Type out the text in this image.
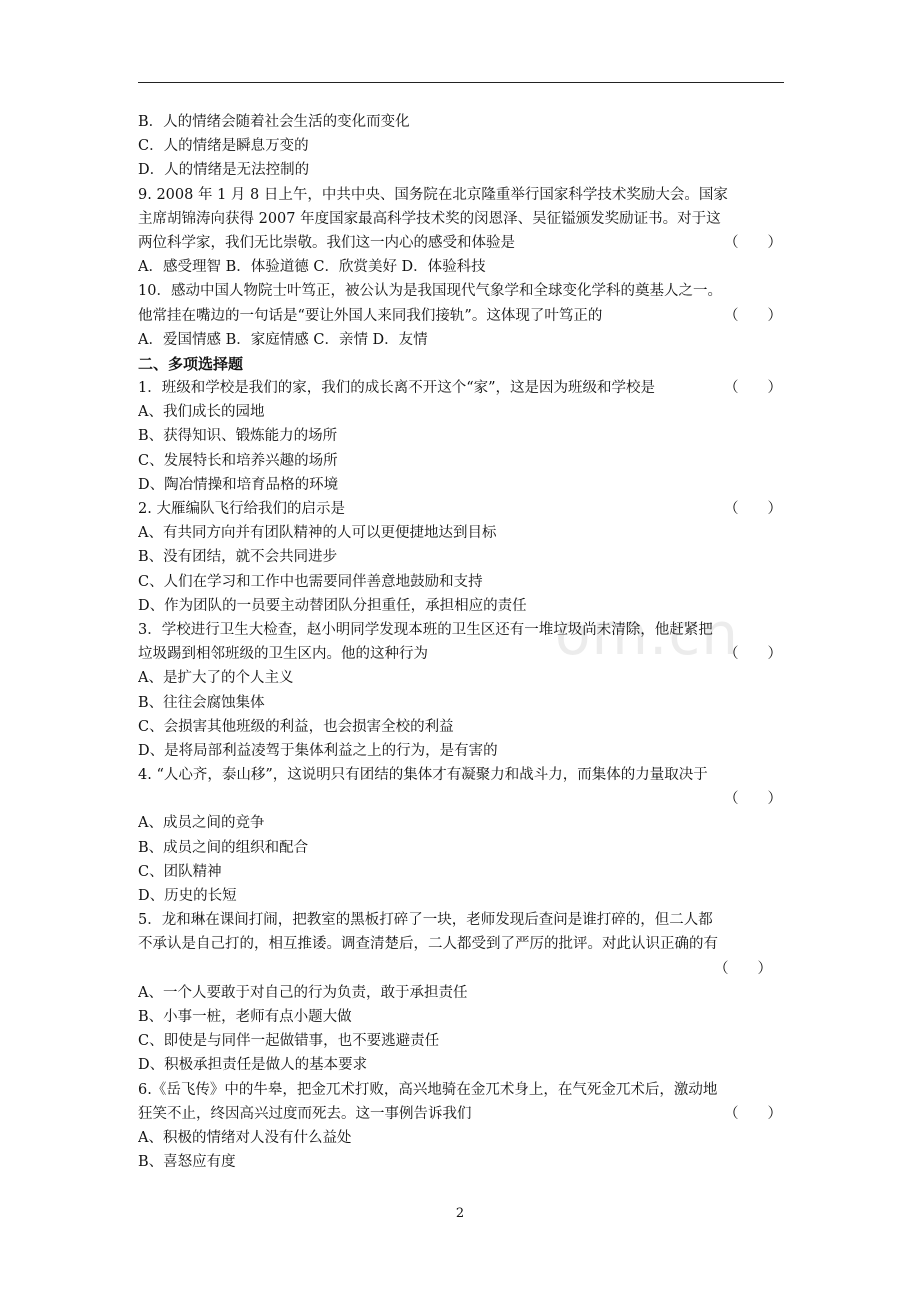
om.cn
B．人的情绪会随着社会生活的变化而变化
C．人的情绪是瞬息万变的
D．人的情绪是无法控制的
9. 2008 年 1 月 8 日上午，中共中央、国务院在北京隆重举行国家科学技术奖励大会。国家
主席胡锦涛向获得 2007 年度国家最高科学技术奖的闵恩泽、吴征镒颁发奖励证书。对于这
（　　）
两位科学家，我们无比崇敬。我们这一内心的感受和体验是
A．感受理智 B．体验道德 C．欣赏美好 D．体验科技
10．感动中国人物院士叶笃正，被公认为是我国现代气象学和全球变化学科的奠基人之一。
（　　）
他常挂在嘴边的一句话是“要让外国人来同我们接轨”。这体现了叶笃正的
A．爱国情感 B．家庭情感 C．亲情 D．友情
二、多项选择题
（　　）
1．班级和学校是我们的家，我们的成长离不开这个“家”，这是因为班级和学校是
A、我们成长的园地
B、获得知识、锻炼能力的场所
C、发展特长和培养兴趣的场所
D、陶冶情操和培育品格的环境
（　　）
2. 大雁编队飞行给我们的启示是
A、有共同方向并有团队精神的人可以更便捷地达到目标
B、没有团结，就不会共同进步
C、人们在学习和工作中也需要同伴善意地鼓励和支持
D、作为团队的一员要主动替团队分担重任，承担相应的责任
3．学校进行卫生大检查，赵小明同学发现本班的卫生区还有一堆垃圾尚未清除，他赶紧把
（　　）
垃圾踢到相邻班级的卫生区内。他的这种行为
A、是扩大了的个人主义
B、往往会腐蚀集体
C、会损害其他班级的利益，也会损害全校的利益
D、是将局部利益凌驾于集体利益之上的行为，是有害的
4. “人心齐，泰山移”，这说明只有团结的集体才有凝聚力和战斗力，而集体的力量取决于
（　　）
A、成员之间的竞争
B、成员之间的组织和配合
C、团队精神
D、历史的长短
5．龙和琳在课间打闹，把教室的黑板打碎了一块，老师发现后查问是谁打碎的，但二人都
不承认是自己打的，相互推诿。调查清楚后，二人都受到了严厉的批评。对此认识正确的有
（　　）
A、一个人要敢于对自己的行为负责，敢于承担责任
B、小事一桩，老师有点小题大做
C、即使是与同伴一起做错事，也不要逃避责任
D、积极承担责任是做人的基本要求
6.《岳飞传》中的牛皋，把金兀术打败，高兴地骑在金兀术身上，在气死金兀术后，激动地
（　　）
狂笑不止，终因高兴过度而死去。这一事例告诉我们
A、积极的情绪对人没有什么益处
B、喜怒应有度
2
